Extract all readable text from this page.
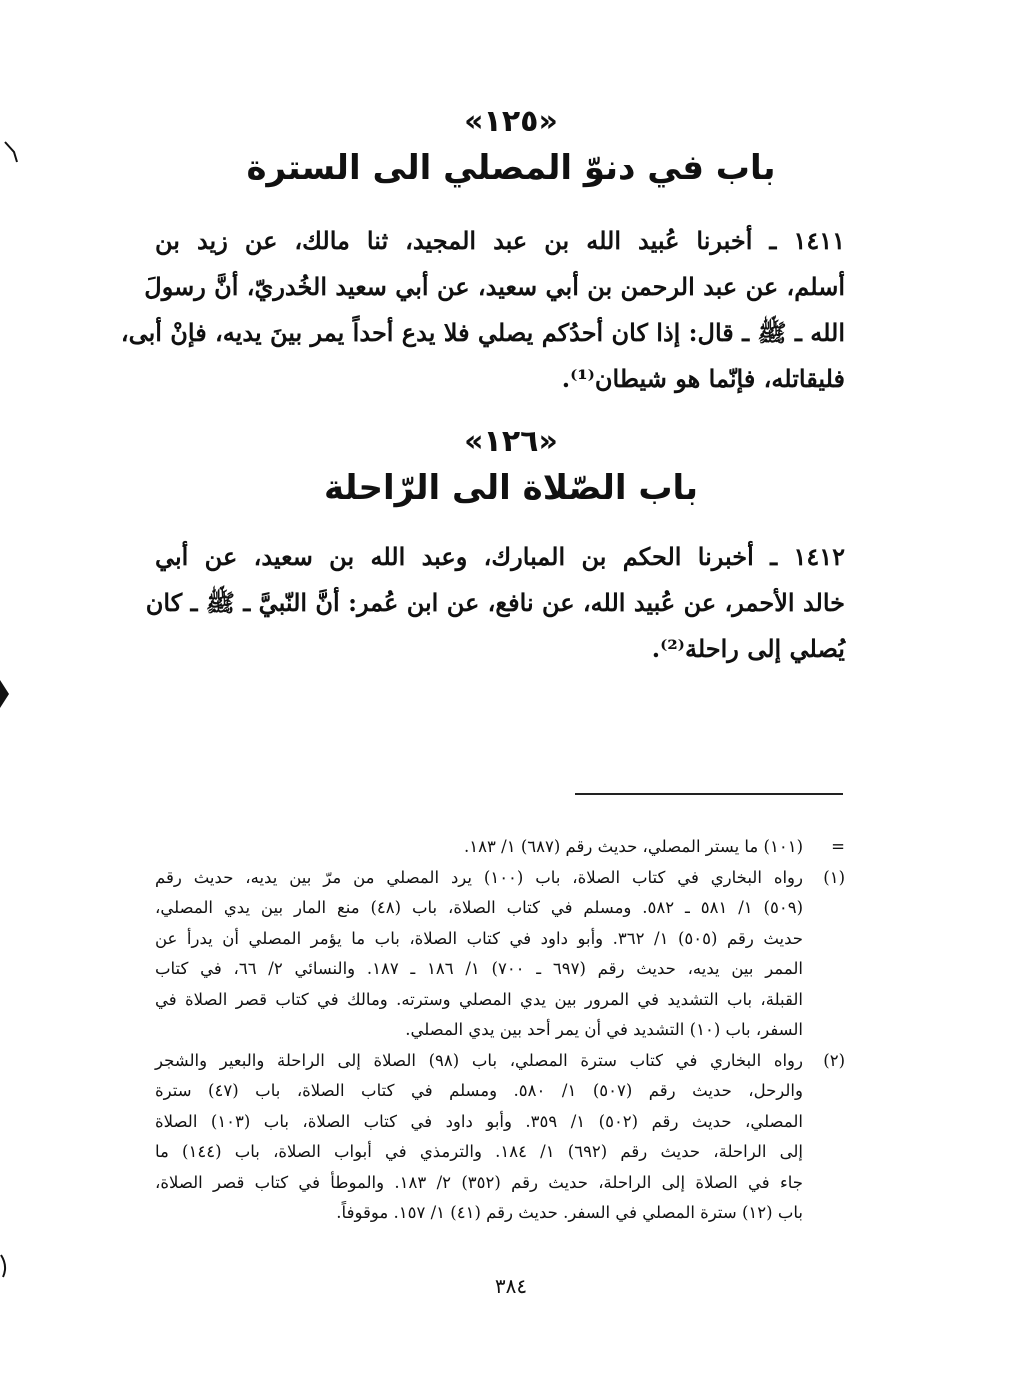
«١٢٥»
باب في دنوّ المصلي الى السترة
١٤١١ ـ أخبرنا عُبيد الله بن عبد المجيد، ثنا مالك، عن زيد بن
أسلم، عن عبد الرحمن بن أبي سعيد، عن أبي سعيد الخُدريّ، أنَّ رسولَ
الله ـ ﷺ ـ قال: إذا كان أحدُكم يصلي فلا يدع أحداً يمر بينَ يديه، فإنْ أبى،
فليقاتله، فإنّما هو شيطان⁽¹⁾.
«١٢٦»
باب الصّلاة الى الرّاحلة
١٤١٢ ـ أخبرنا الحكم بن المبارك، وعبد الله بن سعيد، عن أبي
خالد الأحمر، عن عُبيد الله، عن نافع، عن ابن عُمر: أنَّ النّبيَّ ـ ﷺ ـ كان
يُصلي إلى راحلة⁽²⁾.
=
(١٠١) ما يستر المصلي، حديث رقم (٦٨٧) ١/ ١٨٣.
(١)
رواه البخاري في كتاب الصلاة، باب (١٠٠) يرد المصلي من مرّ بين يديه، حديث رقم
(٥٠٩) ١/ ٥٨١ ـ ٥٨٢. ومسلم في كتاب الصلاة، باب (٤٨) منع المار بين يدي المصلي،
حديث رقم (٥٠٥) ١/ ٣٦٢. وأبو داود في كتاب الصلاة، باب ما يؤمر المصلي أن يدرأ عن
الممر بين يديه، حديث رقم (٦٩٧ ـ ٧٠٠) ١/ ١٨٦ ـ ١٨٧. والنسائي ٢/ ٦٦، في كتاب
القبلة، باب التشديد في المرور بين يدي المصلي وسترته. ومالك في كتاب قصر الصلاة في
السفر، باب (١٠) التشديد في أن يمر أحد بين يدي المصلي.
(٢)
رواه البخاري في كتاب سترة المصلي، باب (٩٨) الصلاة إلى الراحلة والبعير والشجر
والرحل، حديث رقم (٥٠٧) ١/ ٥٨٠. ومسلم في كتاب الصلاة، باب (٤٧) سترة
المصلي، حديث رقم (٥٠٢) ١/ ٣٥٩. وأبو داود في كتاب الصلاة، باب (١٠٣) الصلاة
إلى الراحلة، حديث رقم (٦٩٢) ١/ ١٨٤. والترمذي في أبواب الصلاة، باب (١٤٤) ما
جاء في الصلاة إلى الراحلة، حديث رقم (٣٥٢) ٢/ ١٨٣. والموطأ في كتاب قصر الصلاة،
باب (١٢) سترة المصلي في السفر. حديث رقم (٤١) ١/ ١٥٧. موقوفاً.
٣٨٤
